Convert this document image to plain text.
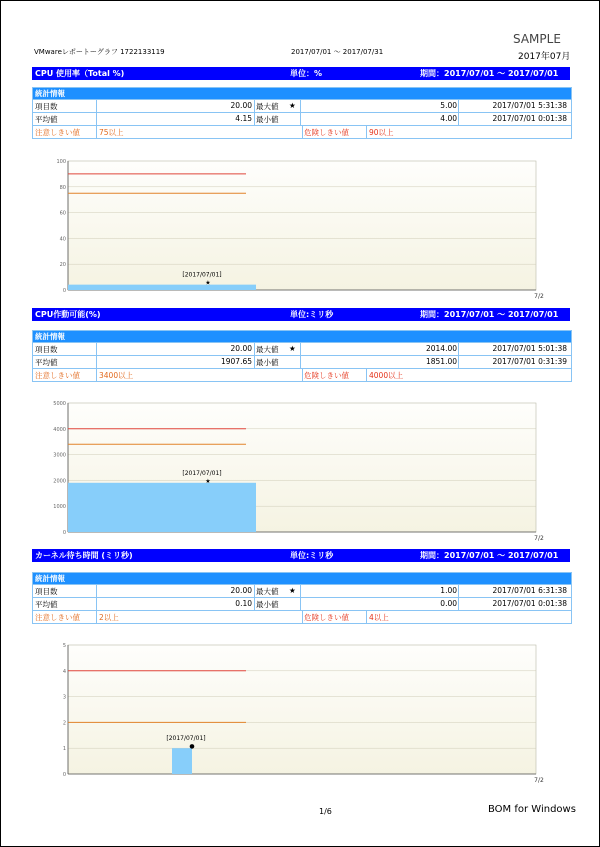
SAMPLE
VMwareレポートーグラフ 1722133119	2017/07/01 〜 2017/07/31	2017年07月
CPU 使用率（Total %)	単位：%	期間：2017/07/01 〜 2017/07/01
統計情報
項目数	20.00 最大値 ★	5.00	2017/07/01 5:31:38
平均値	4.15 最小値	4.00	2017/07/01 0:01:38
注意しきい値	75以上	危険しきい値	90以上
0
20
40
60
80
100
★
[2017/07/01]
7/2
CPU作動可能(%)	単位:ミリ秒	期間：2017/07/01 〜 2017/07/01
統計情報
項目数	20.00 最大値 ★	2014.00	2017/07/01 5:01:38
平均値	1907.65 最小値	1851.00	2017/07/01 0:31:39
注意しきい値	3400以上	危険しきい値	4000以上
0
1000
2000
3000
4000
5000
★
[2017/07/01]
7/2
カーネル待ち時間 (ミリ秒)	単位:ミリ秒	期間：2017/07/01 〜 2017/07/01
統計情報
項目数	20.00 最大値 ★	1.00	2017/07/01 6:31:38
平均値	0.10 最小値	0.00	2017/07/01 0:01:38
注意しきい値	2以上	危険しきい値	4以上
0
1
2
3
4
5
●
[2017/07/01]
7/2
1/6	BOM for Windows
